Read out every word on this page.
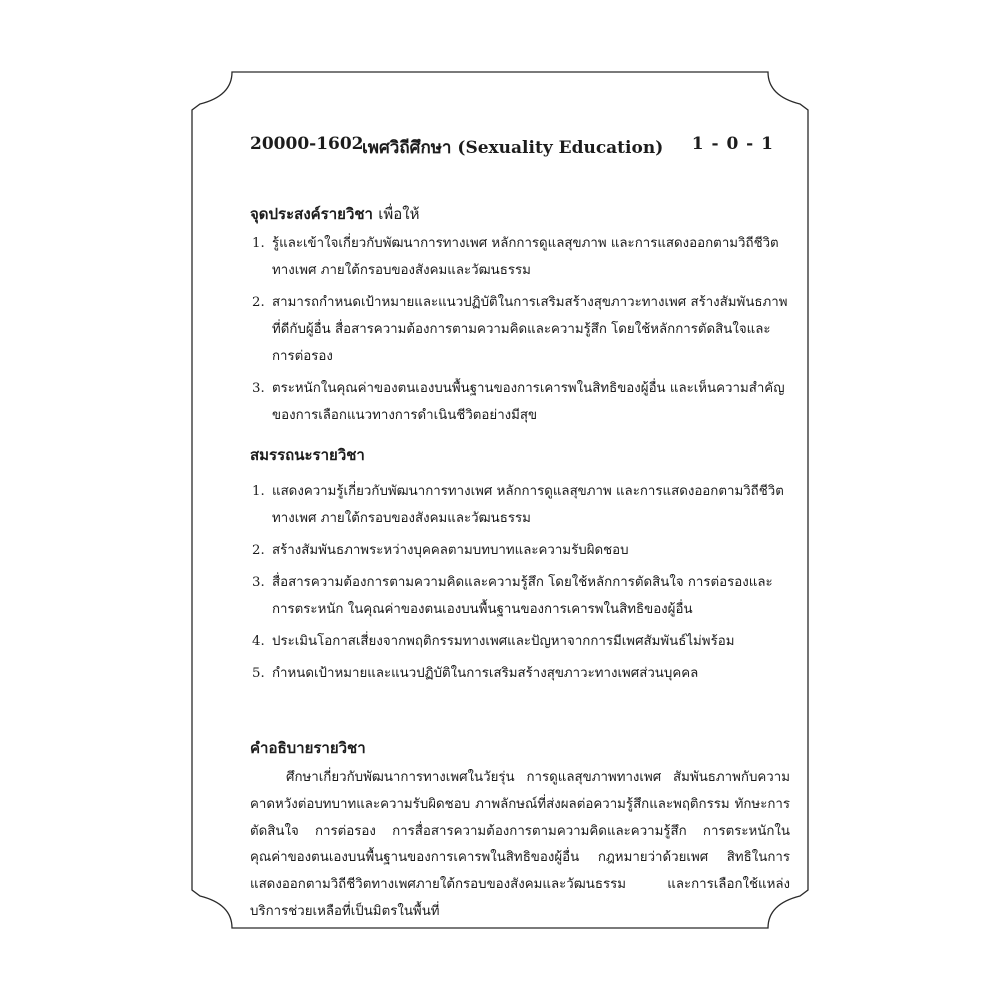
20000-1602
เพศวิถีศึกษา (Sexuality Education) 1 - 0 - 1
จุดประสงค์รายวิชา เพื่อให้
1. รู้และเข้าใจเกี่ยวกับพัฒนาการทางเพศ หลักการดูแลสุขภาพ และการแสดงออกตามวิถีชีวิตทางเพศ ภายใต้กรอบของสังคมและวัฒนธรรม
2. สามารถกำหนดเป้าหมายและแนวปฏิบัติในการเสริมสร้างสุขภาวะทางเพศ สร้างสัมพันธภาพที่ดีกับผู้อื่น สื่อสารความต้องการตามความคิดและความรู้สึก โดยใช้หลักการตัดสินใจและการต่อรอง
3. ตระหนักในคุณค่าของตนเองบนพื้นฐานของการเคารพในสิทธิของผู้อื่น และเห็นความสำคัญของการเลือกแนวทางการดำเนินชีวิตอย่างมีสุข
สมรรถนะรายวิชา
1. แสดงความรู้เกี่ยวกับพัฒนาการทางเพศ หลักการดูแลสุขภาพ และการแสดงออกตามวิถีชีวิตทางเพศ ภายใต้กรอบของสังคมและวัฒนธรรม
2. สร้างสัมพันธภาพระหว่างบุคคลตามบทบาทและความรับผิดชอบ
3. สื่อสารความต้องการตามความคิดและความรู้สึก โดยใช้หลักการตัดสินใจ การต่อรองและการตระหนัก ในคุณค่าของตนเองบนพื้นฐานของการเคารพในสิทธิของผู้อื่น
4. ประเมินโอกาสเสี่ยงจากพฤติกรรมทางเพศและปัญหาจากการมีเพศสัมพันธ์ไม่พร้อม
5. กำหนดเป้าหมายและแนวปฏิบัติในการเสริมสร้างสุขภาวะทางเพศส่วนบุคคล
คำอธิบายรายวิชา

ศึกษาเกี่ยวกับพัฒนาการทางเพศในวัยรุ่น การดูแลสุขภาพทางเพศ สัมพันธภาพกับความคาดหวังต่อบทบาทและความรับผิดชอบ ภาพลักษณ์ที่ส่งผลต่อความรู้สึกและพฤติกรรม ทักษะการตัดสินใจ การต่อรอง การสื่อสารความต้องการตามความคิดและความรู้สึก การตระหนักในคุณค่าของตนเองบนพื้นฐานของการเคารพในสิทธิของผู้อื่น กฎหมายว่าด้วยเพศ สิทธิในการแสดงออกตามวิถีชีวิตทางเพศภายใต้กรอบของสังคมและวัฒนธรรม และการเลือกใช้แหล่งบริการช่วยเหลือที่เป็นมิตรในพื้นที่
